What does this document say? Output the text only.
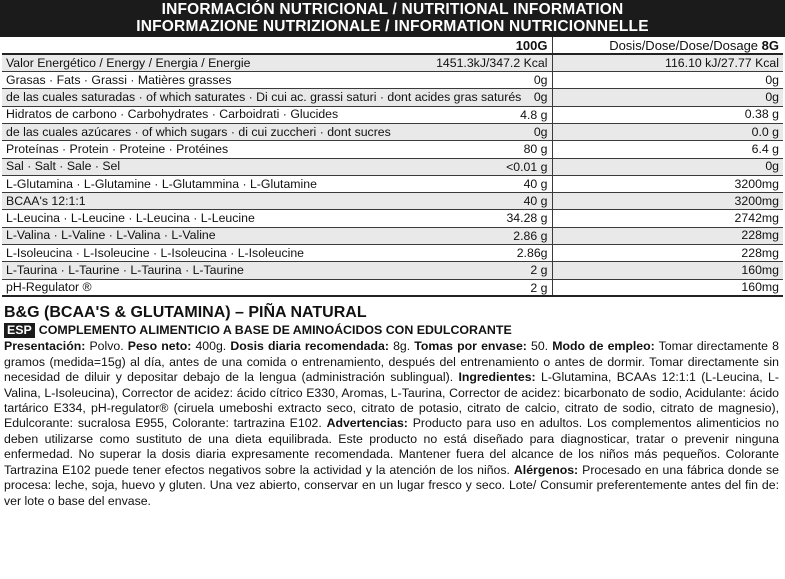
INFORMACIÓN NUTRICIONAL / NUTRITIONAL INFORMATION
INFORMAZIONE NUTRIZIONALE / INFORMATION NUTRICIONNELLE
100G	Dosis/Dose/Dose/Dosage 8G
Valor Energético / Energy / Energia / Energie 1451.3kJ/347.2 Kcal	116.10 kJ/27.77 Kcal
Grasas · Fats · Grassi · Matières grasses 0g	0g
de las cuales saturadas · of which saturates · Di cui ac. grassi saturi · dont acides gras saturés 0g	0g
Hidratos de carbono · Carbohydrates · Carboidrati · Glucides 4.8 g	0.38 g
de las cuales azúcares · of which sugars · di cui zuccheri · dont sucres 0g	0.0 g
Proteínas · Protein · Proteine · Protéines 80 g	6.4 g
Sal · Salt · Sale · Sel <0.01 g	0g
L-Glutamina · L-Glutamine · L-Glutammina · L-Glutamine 40 g	3200mg
BCAA's 12:1:1 40 g	3200mg
L-Leucina · L-Leucine · L-Leucina · L-Leucine 34.28 g	2742mg
L-Valina · L-Valine · L-Valina · L-Valine 2.86 g	228mg
L-Isoleucina · L-Isoleucine · L-Isoleucina · L-Isoleucine 2.86g	228mg
L-Taurina · L-Taurine · L-Taurina · L-Taurine 2 g	160mg
pH-Regulator ® 2 g	160mg
B&G (BCAA'S & GLUTAMINA) – PIÑA NATURAL
ESP COMPLEMENTO ALIMENTICIO A BASE DE AMINOÁCIDOS CON EDULCORANTE
Presentación: Polvo. Peso neto: 400g. Dosis diaria recomendada: 8g. Tomas por envase: 50. Modo de empleo: Tomar directamente 8 gramos (medida=15g) al día, antes de una comida o entrenamiento, después del entrenamiento o antes de dormir. Tomar directamente sin necesidad de diluir y depositar debajo de la lengua (administración sublingual). Ingredientes: L-Glutamina, BCAAs 12:1:1 (L-Leucina, L-Valina, L-Isoleucina), Corrector de acidez: ácido cítrico E330, Aromas, L-Taurina, Corrector de acidez: bicarbonato de sodio, Acidulante: ácido tartárico E334, pH-regulator® (ciruela umeboshi extracto seco, citrato de potasio, citrato de calcio, citrato de sodio, citrato de magnesio), Edulcorante: sucralosa E955, Colorante: tartrazina E102. Advertencias: Producto para uso en adultos. Los complementos alimenticios no deben utilizarse como sustituto de una dieta equilibrada. Este producto no está diseñado para diagnosticar, tratar o prevenir ninguna enfermedad. No superar la dosis diaria expresamente recomendada. Mantener fuera del alcance de los niños más pequeños. Colorante Tartrazina E102 puede tener efectos negativos sobre la actividad y la atención de los niños. Alérgenos: Procesado en una fábrica donde se procesa: leche, soja, huevo y gluten. Una vez abierto, conservar en un lugar fresco y seco. Lote/ Consumir preferentemente antes del fin de: ver lote o base del envase.
